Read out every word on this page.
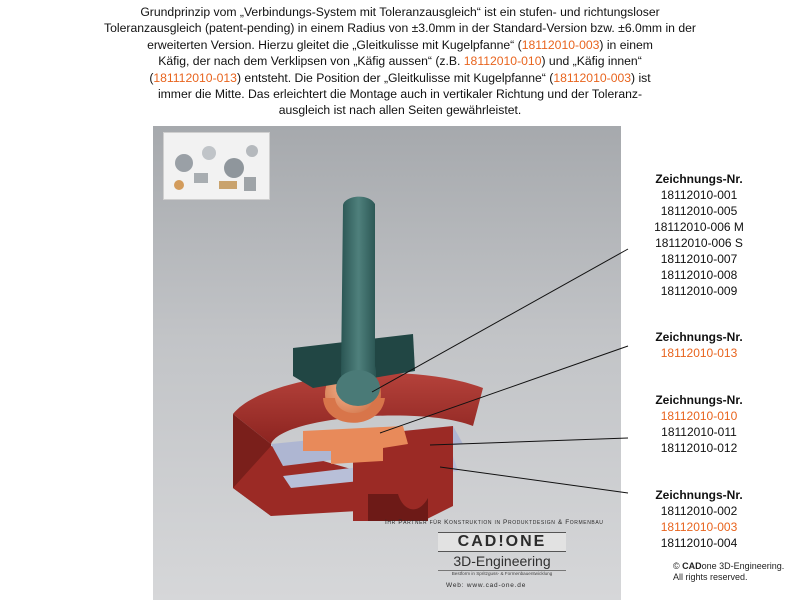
Grundprinzip vom „Verbindungs-System mit Toleranzausgleich“ ist ein stufen- und richtungsloser
Toleranzausgleich (patent-pending) in einem Radius von ±3.0mm in der Standard-Version bzw. ±6.0mm in der
erweiterten Version. Hierzu gleitet die „Gleitkulisse mit Kugelpfanne“ (18112010-003) in einem
Käfig, der nach dem Verklipsen von „Käfig aussen“ (z.B. 18112010-010) und „Käfig innen“
(181112010-013) entsteht. Die Position der „Gleitkulisse mit Kugelpfanne“ (18112010-003) ist
immer die Mitte. Das erleichtert die Montage auch in vertikaler Richtung und der Toleranz-
ausgleich ist nach allen Seiten gewährleistet.
Ihr Partner für Konstruktion in Produktdesign & Formenbau
CAD!ONE
3D-Engineering
Bestform in Spritzguss- & Formenbauentwicklung
Web: www.cad-one.de
Zeichnungs-Nr.
18112010-001
18112010-005
18112010-006 M
18112010-006 S
18112010-007
18112010-008
18112010-009
Zeichnungs-Nr.
18112010-013
Zeichnungs-Nr.
18112010-010
18112010-011
18112010-012
Zeichnungs-Nr.
18112010-002
18112010-003
18112010-004
© CADone 3D-Engineering.
All rights reserved.
